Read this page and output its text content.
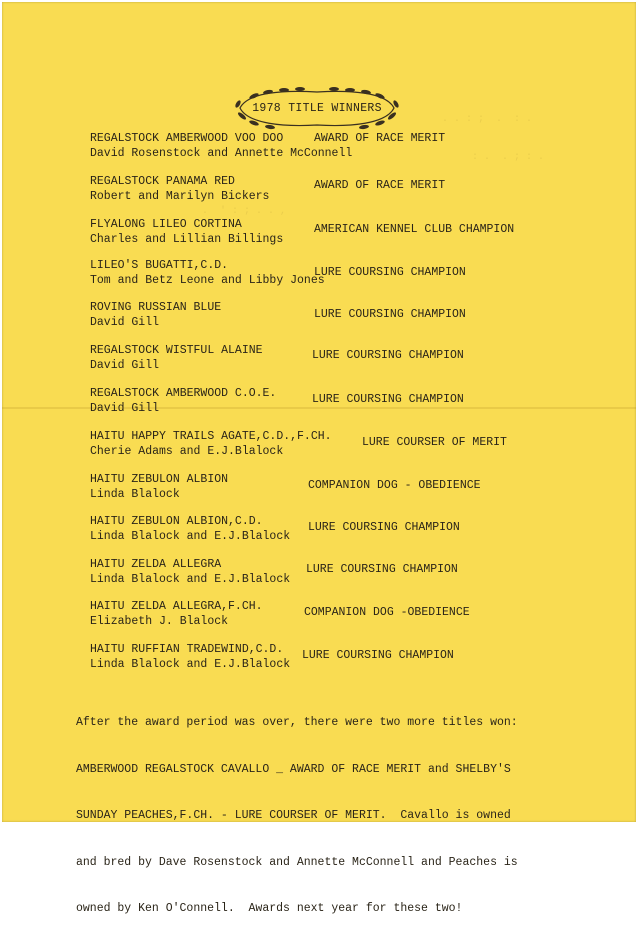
1978 TITLE WINNERS
. . : ;  .  : .
: .  . ; : .
.  ' : ; . . ,
REGALSTOCK AMBERWOOD VOO DOO
David Rosenstock and Annette McConnell
AWARD OF RACE MERIT
REGALSTOCK PANAMA RED
Robert and Marilyn Bickers
AWARD OF RACE MERIT
FLYALONG LILEO CORTINA
Charles and Lillian Billings
AMERICAN KENNEL CLUB CHAMPION
LILEO'S BUGATTI,C.D.
Tom and Betz Leone and Libby Jones
LURE COURSING CHAMPION
ROVING RUSSIAN BLUE
David Gill
LURE COURSING CHAMPION
REGALSTOCK WISTFUL ALAINE
David Gill
LURE COURSING CHAMPION
REGALSTOCK AMBERWOOD C.O.E.
David Gill
LURE COURSING CHAMPION
HAITU HAPPY TRAILS AGATE,C.D.,F.CH.
Cherie Adams and E.J.Blalock
LURE COURSER OF MERIT
HAITU ZEBULON ALBION
Linda Blalock
COMPANION DOG - OBEDIENCE
HAITU ZEBULON ALBION,C.D.
Linda Blalock and E.J.Blalock
LURE COURSING CHAMPION
HAITU ZELDA ALLEGRA
Linda Blalock and E.J.Blalock
LURE COURSING CHAMPION
HAITU ZELDA ALLEGRA,F.CH.
Elizabeth J. Blalock
COMPANION DOG -OBEDIENCE
HAITU RUFFIAN TRADEWIND,C.D.
Linda Blalock and E.J.Blalock
LURE COURSING CHAMPION

After the award period was over, there were two more titles won:

AMBERWOOD REGALSTOCK CAVALLO _ AWARD OF RACE MERIT and SHELBY'S

SUNDAY PEACHES,F.CH. - LURE COURSER OF MERIT.  Cavallo is owned

and bred by Dave Rosenstock and Annette McConnell and Peaches is

owned by Ken O'Connell.  Awards next year for these two!
